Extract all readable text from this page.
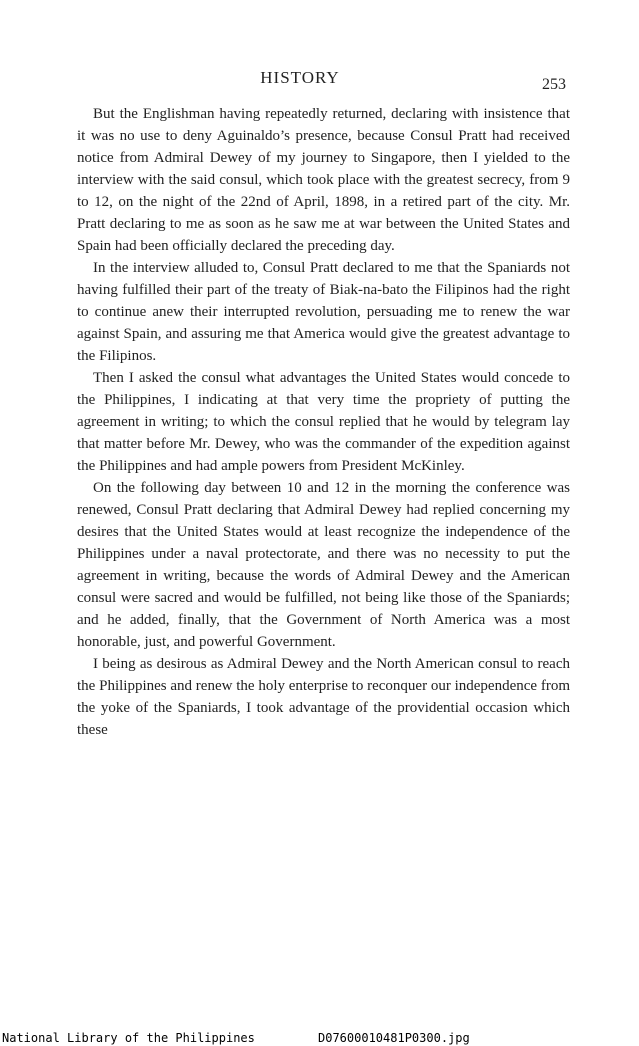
HISTORY	253

But the Englishman having repeatedly returned, declaring with insistence that it was no use to deny Aguinaldo’s presence, because Consul Pratt had received notice from Admiral Dewey of my journey to Singapore, then I yielded to the interview with the said consul, which took place with the greatest secrecy, from 9 to 12, on the night of the 22nd of April, 1898, in a retired part of the city. Mr. Pratt declaring to me as soon as he saw me at war between the United States and Spain had been officially declared the preceding day.

In the interview alluded to, Consul Pratt declared to me that the Spaniards not having fulfilled their part of the treaty of Biak-na-bato the Filipinos had the right to continue anew their interrupted revolution, persuading me to renew the war against Spain, and assuring me that America would give the greatest advantage to the Filipinos.

Then I asked the consul what advantages the United States would concede to the Philippines, I indicating at that very time the propriety of putting the agreement in writing; to which the consul replied that he would by telegram lay that matter before Mr. Dewey, who was the commander of the expedition against the Philippines and had ample powers from President McKinley.

On the following day between 10 and 12 in the morning the conference was renewed, Consul Pratt declaring that Admiral Dewey had replied concerning my desires that the United States would at least recognize the independence of the Philippines under a naval protectorate, and there was no necessity to put the agreement in writing, because the words of Admiral Dewey and the American consul were sacred and would be fulfilled, not being like those of the Spaniards; and he added, finally, that the Government of North America was a most honorable, just, and powerful Government.

I being as desirous as Admiral Dewey and the North American consul to reach the Philippines and renew the holy enterprise to reconquer our independence from the yoke of the Spaniards, I took advantage of the providential occasion which these

National Library of the Philippines	D07600010481P0300.jpg
